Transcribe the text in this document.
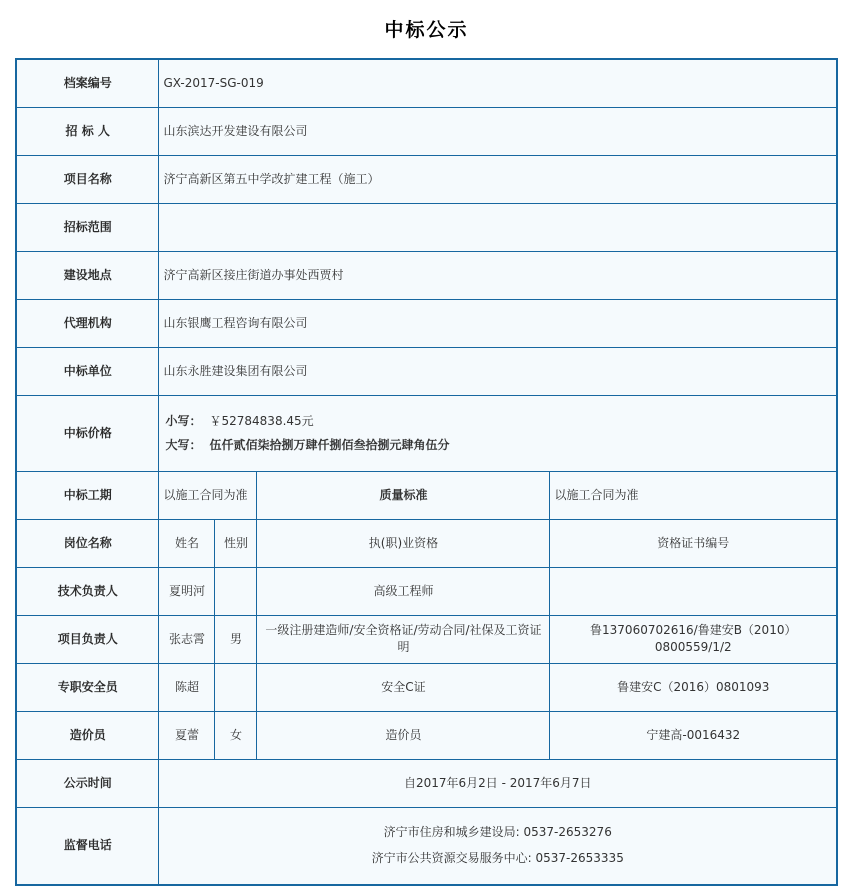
中标公示
档案编号	GX-2017-SG-019			
招 标 人	山东滨达开发建设有限公司			
项目名称	济宁高新区第五中学改扩建工程（施工）			
招标范围				
建设地点	济宁高新区接庄街道办事处西贾村			
代理机构	山东银鹰工程咨询有限公司			
中标单位	山东永胜建设集团有限公司			
中标价格	小写： ￥52784838.45元
大写： 伍仟贰佰柒拾捌万肆仟捌佰叁拾捌元肆角伍分			

中标工期	以施工合同为准		质量标准	以施工合同为准
岗位名称	姓名	性别	执(职)业资格	资格证书编号
技术负责人	夏明河		高级工程师	
项目负责人	张志霄	男	一级注册建造师/安全资格证/劳动合同/社保及工资证明	鲁137060702616/鲁建安B（2010）0800559/1/2
专职安全员	陈超		安全C证	鲁建安C（2016）0801093
造价员	夏蕾	女	造价员	宁建高-0016432
公示时间	自2017年6月2日 - 2017年6月7日			
监督电话	济宁市住房和城乡建设局: 0537-2653276
济宁市公共资源交易服务中心: 0537-2653335			
